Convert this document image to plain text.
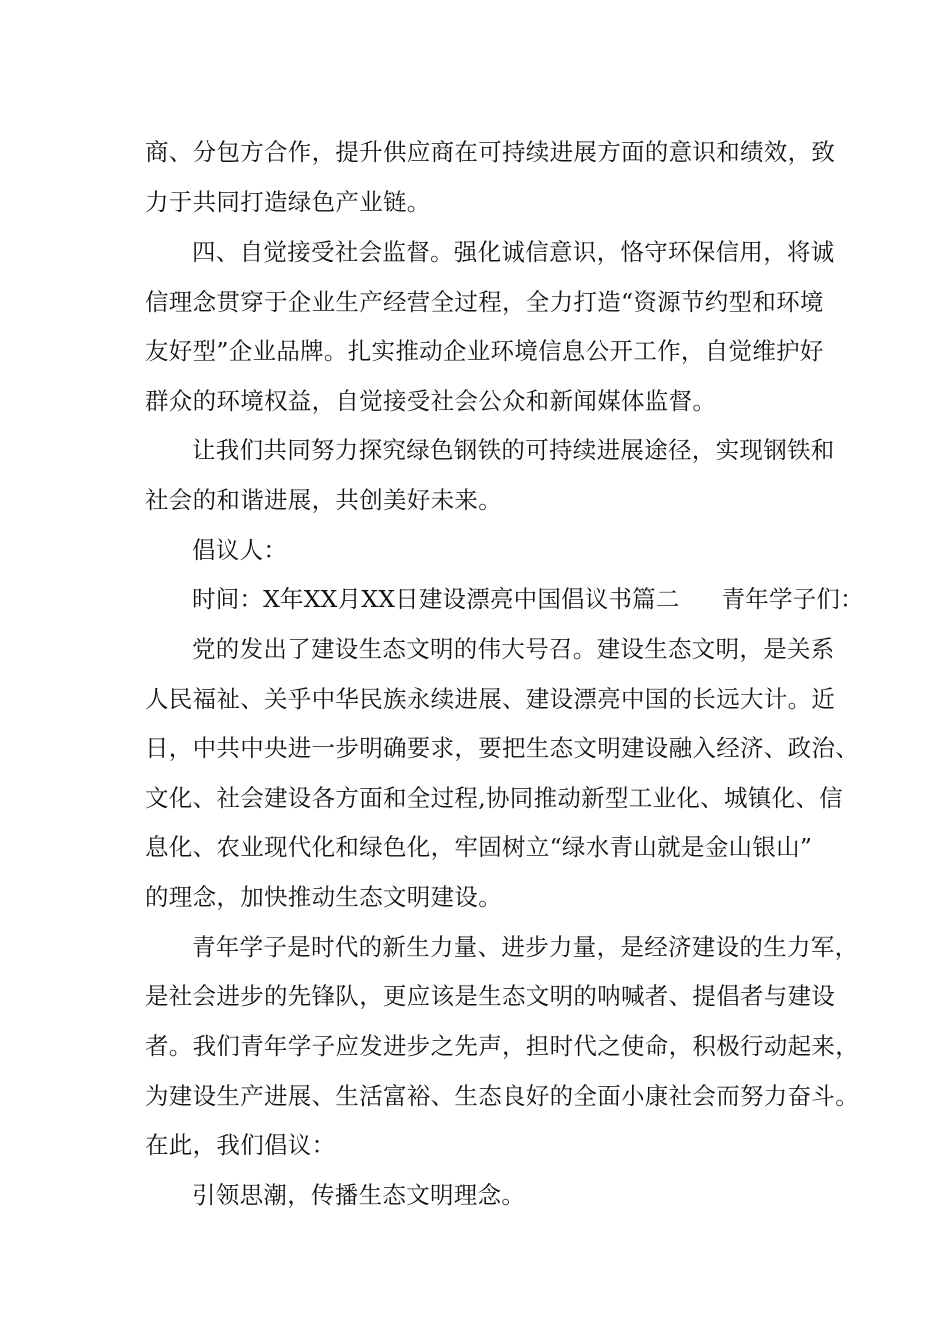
商、分包方合作，提升供应商在可持续进展方面的意识和绩效，致
力于共同打造绿色产业链。
四、自觉接受社会监督。强化诚信意识，恪守环保信用，将诚
信理念贯穿于企业生产经营全过程，全力打造“资源节约型和环境
友好型”企业品牌。扎实推动企业环境信息公开工作，自觉维护好
群众的环境权益，自觉接受社会公众和新闻媒体监督。
让我们共同努力探究绿色钢铁的可持续进展途径，实现钢铁和
社会的和谐进展，共创美好未来。
倡议人：
时间：X年XX月XX日建设漂亮中国倡议书篇二 青年学子们：
党的发出了建设生态文明的伟大号召。建设生态文明，是关系
人民福祉、关乎中华民族永续进展、建设漂亮中国的长远大计。近
日，中共中央进一步明确要求，要把生态文明建设融入经济、政治、
文化、社会建设各方面和全过程,协同推动新型工业化、城镇化、信
息化、农业现代化和绿色化，牢固树立“绿水青山就是金山银山”
的理念，加快推动生态文明建设。
青年学子是时代的新生力量、进步力量，是经济建设的生力军，
是社会进步的先锋队，更应该是生态文明的呐喊者、提倡者与建设
者。我们青年学子应发进步之先声，担时代之使命，积极行动起来，
为建设生产进展、生活富裕、生态良好的全面小康社会而努力奋斗。
在此，我们倡议：
引领思潮，传播生态文明理念。
